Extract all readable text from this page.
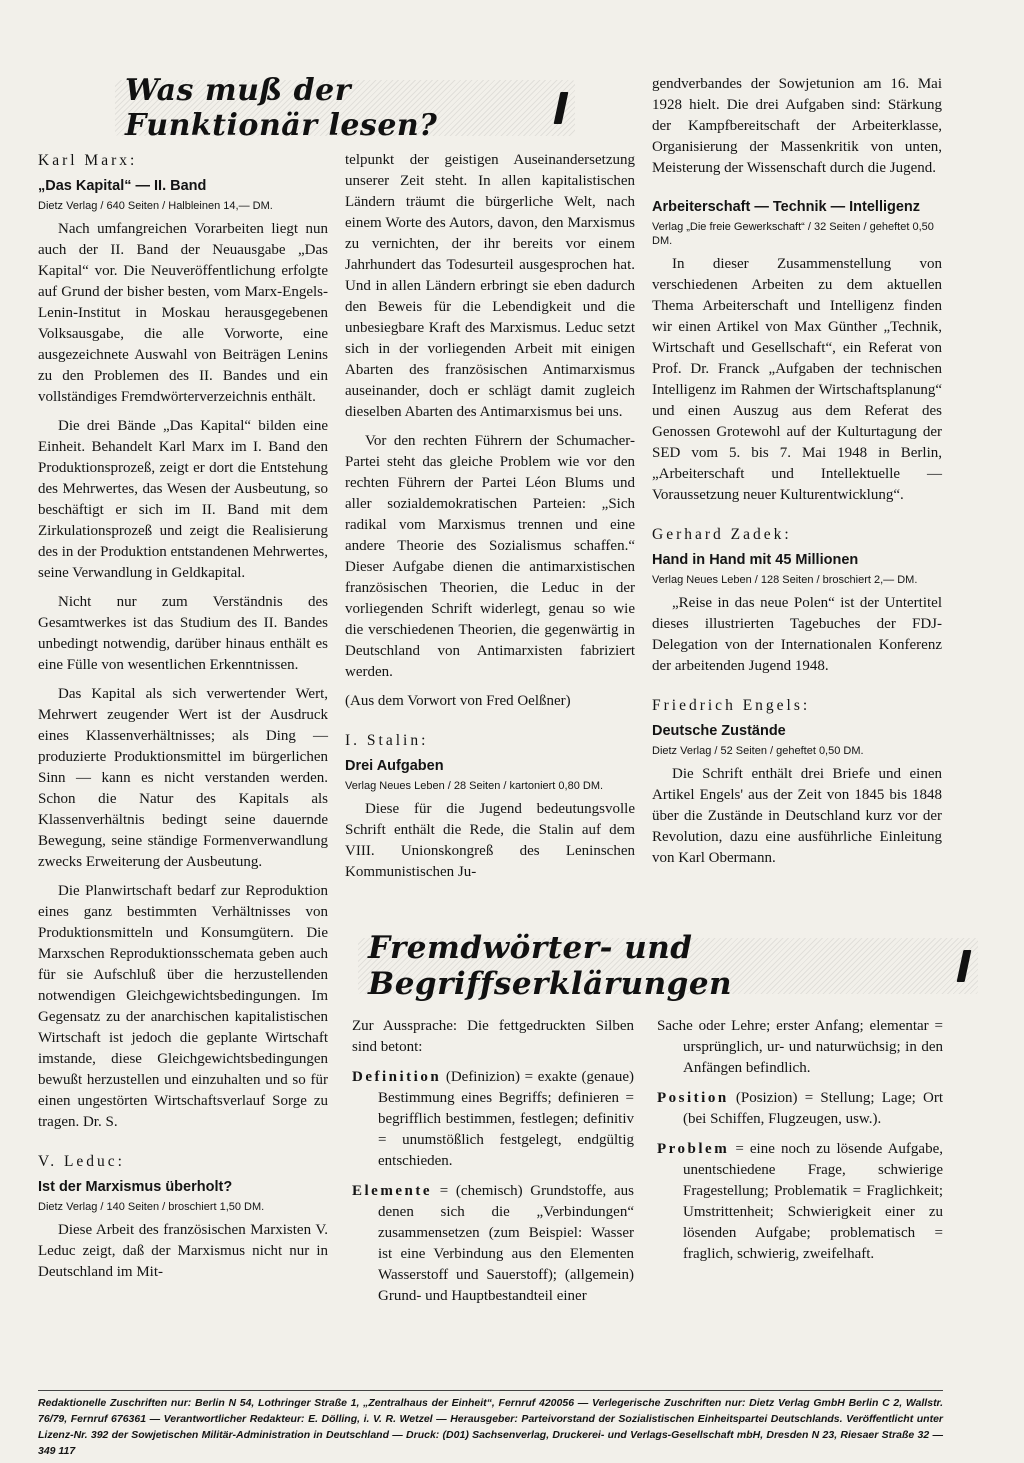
Was muß der Funktionär lesen?
Karl Marx:
„Das Kapital“ — II. Band
Dietz Verlag / 640 Seiten / Halbleinen 14,— DM.

Nach umfangreichen Vorarbeiten liegt nun auch der II. Band der Neuausgabe „Das Kapital“ vor. Die Neuveröffentlichung erfolgte auf Grund der bisher besten, vom Marx-Engels-Lenin-Institut in Moskau herausgegebenen Volksausgabe, die alle Vorworte, eine ausgezeichnete Auswahl von Beiträgen Lenins zu den Problemen des II. Bandes und ein vollständiges Fremdwörterverzeichnis enthält.

Die drei Bände „Das Kapital“ bilden eine Einheit. Behandelt Karl Marx im I. Band den Produktionsprozeß, zeigt er dort die Entstehung des Mehrwertes, das Wesen der Ausbeutung, so beschäftigt er sich im II. Band mit dem Zirkulationsprozeß und zeigt die Realisierung des in der Produktion entstandenen Mehrwertes, seine Verwandlung in Geldkapital.

Nicht nur zum Verständnis des Gesamtwerkes ist das Studium des II. Bandes unbedingt notwendig, darüber hinaus enthält es eine Fülle von wesentlichen Erkenntnissen.

Das Kapital als sich verwertender Wert, Mehrwert zeugender Wert ist der Ausdruck eines Klassenverhältnisses; als Ding — produzierte Produktionsmittel im bürgerlichen Sinn — kann es nicht verstanden werden. Schon die Natur des Kapitals als Klassenverhältnis bedingt seine dauernde Bewegung, seine ständige Formenverwandlung zwecks Erweiterung der Ausbeutung.

Die Planwirtschaft bedarf zur Reproduktion eines ganz bestimmten Verhältnisses von Produktionsmitteln und Konsumgütern. Die Marxschen Reproduktionsschemata geben auch für sie Aufschluß über die herzustellenden notwendigen Gleichgewichtsbedingungen. Im Gegensatz zu der anarchischen kapitalistischen Wirtschaft ist jedoch die geplante Wirtschaft imstande, diese Gleichgewichtsbedingungen bewußt herzustellen und einzuhalten und so für einen ungestörten Wirtschaftsverlauf Sorge zu tragen. Dr. S.

V. Leduc:
Ist der Marxismus überholt?
Dietz Verlag / 140 Seiten / broschiert 1,50 DM.

Diese Arbeit des französischen Marxisten V. Leduc zeigt, daß der Marxismus nicht nur in Deutschland im Mit-

telpunkt der geistigen Auseinandersetzung unserer Zeit steht. In allen kapitalistischen Ländern träumt die bürgerliche Welt, nach einem Worte des Autors, davon, den Marxismus zu vernichten, der ihr bereits vor einem Jahrhundert das Todesurteil ausgesprochen hat. Und in allen Ländern erbringt sie eben dadurch den Beweis für die Lebendigkeit und die unbesiegbare Kraft des Marxismus. Leduc setzt sich in der vorliegenden Arbeit mit einigen Abarten des französischen Antimarxismus auseinander, doch er schlägt damit zugleich dieselben Abarten des Antimarxismus bei uns.

Vor den rechten Führern der Schumacher-Partei steht das gleiche Problem wie vor den rechten Führern der Partei Léon Blums und aller sozialdemokratischen Parteien: „Sich radikal vom Marxismus trennen und eine andere Theorie des Sozialismus schaffen.“ Dieser Aufgabe dienen die antimarxistischen französischen Theorien, die Leduc in der vorliegenden Schrift widerlegt, genau so wie die verschiedenen Theorien, die gegenwärtig in Deutschland von Antimarxisten fabriziert werden.

(Aus dem Vorwort von Fred Oelßner)

I. Stalin:
Drei Aufgaben
Verlag Neues Leben / 28 Seiten / kartoniert 0,80 DM.

Diese für die Jugend bedeutungsvolle Schrift enthält die Rede, die Stalin auf dem VIII. Unionskongreß des Leninschen Kommunistischen Ju-

gendverbandes der Sowjetunion am 16. Mai 1928 hielt. Die drei Aufgaben sind: Stärkung der Kampfbereitschaft der Arbeiterklasse, Organisierung der Massenkritik von unten, Meisterung der Wissenschaft durch die Jugend.

Arbeiterschaft — Technik — Intelligenz
Verlag „Die freie Gewerkschaft“ / 32 Seiten / geheftet 0,50 DM.

In dieser Zusammenstellung von verschiedenen Arbeiten zu dem aktuellen Thema Arbeiterschaft und Intelligenz finden wir einen Artikel von Max Günther „Technik, Wirtschaft und Gesellschaft“, ein Referat von Prof. Dr. Franck „Aufgaben der technischen Intelligenz im Rahmen der Wirtschaftsplanung“ und einen Auszug aus dem Referat des Genossen Grotewohl auf der Kulturtagung der SED vom 5. bis 7. Mai 1948 in Berlin, „Arbeiterschaft und Intellektuelle — Voraussetzung neuer Kulturentwicklung“.

Gerhard Zadek:
Hand in Hand mit 45 Millionen
Verlag Neues Leben / 128 Seiten / broschiert 2,— DM.

„Reise in das neue Polen“ ist der Untertitel dieses illustrierten Tagebuches der FDJ-Delegation von der Internationalen Konferenz der arbeitenden Jugend 1948.

Friedrich Engels:
Deutsche Zustände
Dietz Verlag / 52 Seiten / geheftet 0,50 DM.

Die Schrift enthält drei Briefe und einen Artikel Engels' aus der Zeit von 1845 bis 1848 über die Zustände in Deutschland kurz vor der Revolution, dazu eine ausführliche Einleitung von Karl Obermann.

Fremdwörter- und Begriffserklärungen

Zur Aussprache: Die fettgedruckten Silben sind betont:

Definition (Definizion) = exakte (genaue) Bestimmung eines Begriffs; definieren = begrifflich bestimmen, festlegen; definitiv = unumstößlich festgelegt, endgültig entschieden.

Elemente = (chemisch) Grundstoffe, aus denen sich die „Verbindungen“ zusammensetzen (zum Beispiel: Wasser ist eine Verbindung aus den Elementen Wasserstoff und Sauerstoff); (allgemein) Grund- und Hauptbestandteil einer

Sache oder Lehre; erster Anfang; elementar = ursprünglich, ur- und naturwüchsig; in den Anfängen befindlich.

Position (Posizion) = Stellung; Lage; Ort (bei Schiffen, Flugzeugen, usw.).

Problem = eine noch zu lösende Aufgabe, unentschiedene Frage, schwierige Fragestellung; Problematik = Fraglichkeit; Umstrittenheit; Schwierigkeit einer zu lösenden Aufgabe; problematisch = fraglich, schwierig, zweifelhaft.

Redaktionelle Zuschriften nur: Berlin N 54, Lothringer Straße 1, „Zentralhaus der Einheit“, Fernruf 420056 — Verlegerische Zuschriften nur: Dietz Verlag GmbH Berlin C 2, Wallstr. 76/79, Fernruf 676361 — Verantwortlicher Redakteur: E. Dölling, i. V. R. Wetzel — Herausgeber: Parteivorstand der Sozialistischen Einheitspartei Deutschlands. Veröffentlicht unter Lizenz-Nr. 392 der Sowjetischen Militär-Administration in Deutschland — Druck: (D01) Sachsenverlag, Druckerei- und Verlags-Gesellschaft mbH, Dresden N 23, Riesaer Straße 32 — 349 117
